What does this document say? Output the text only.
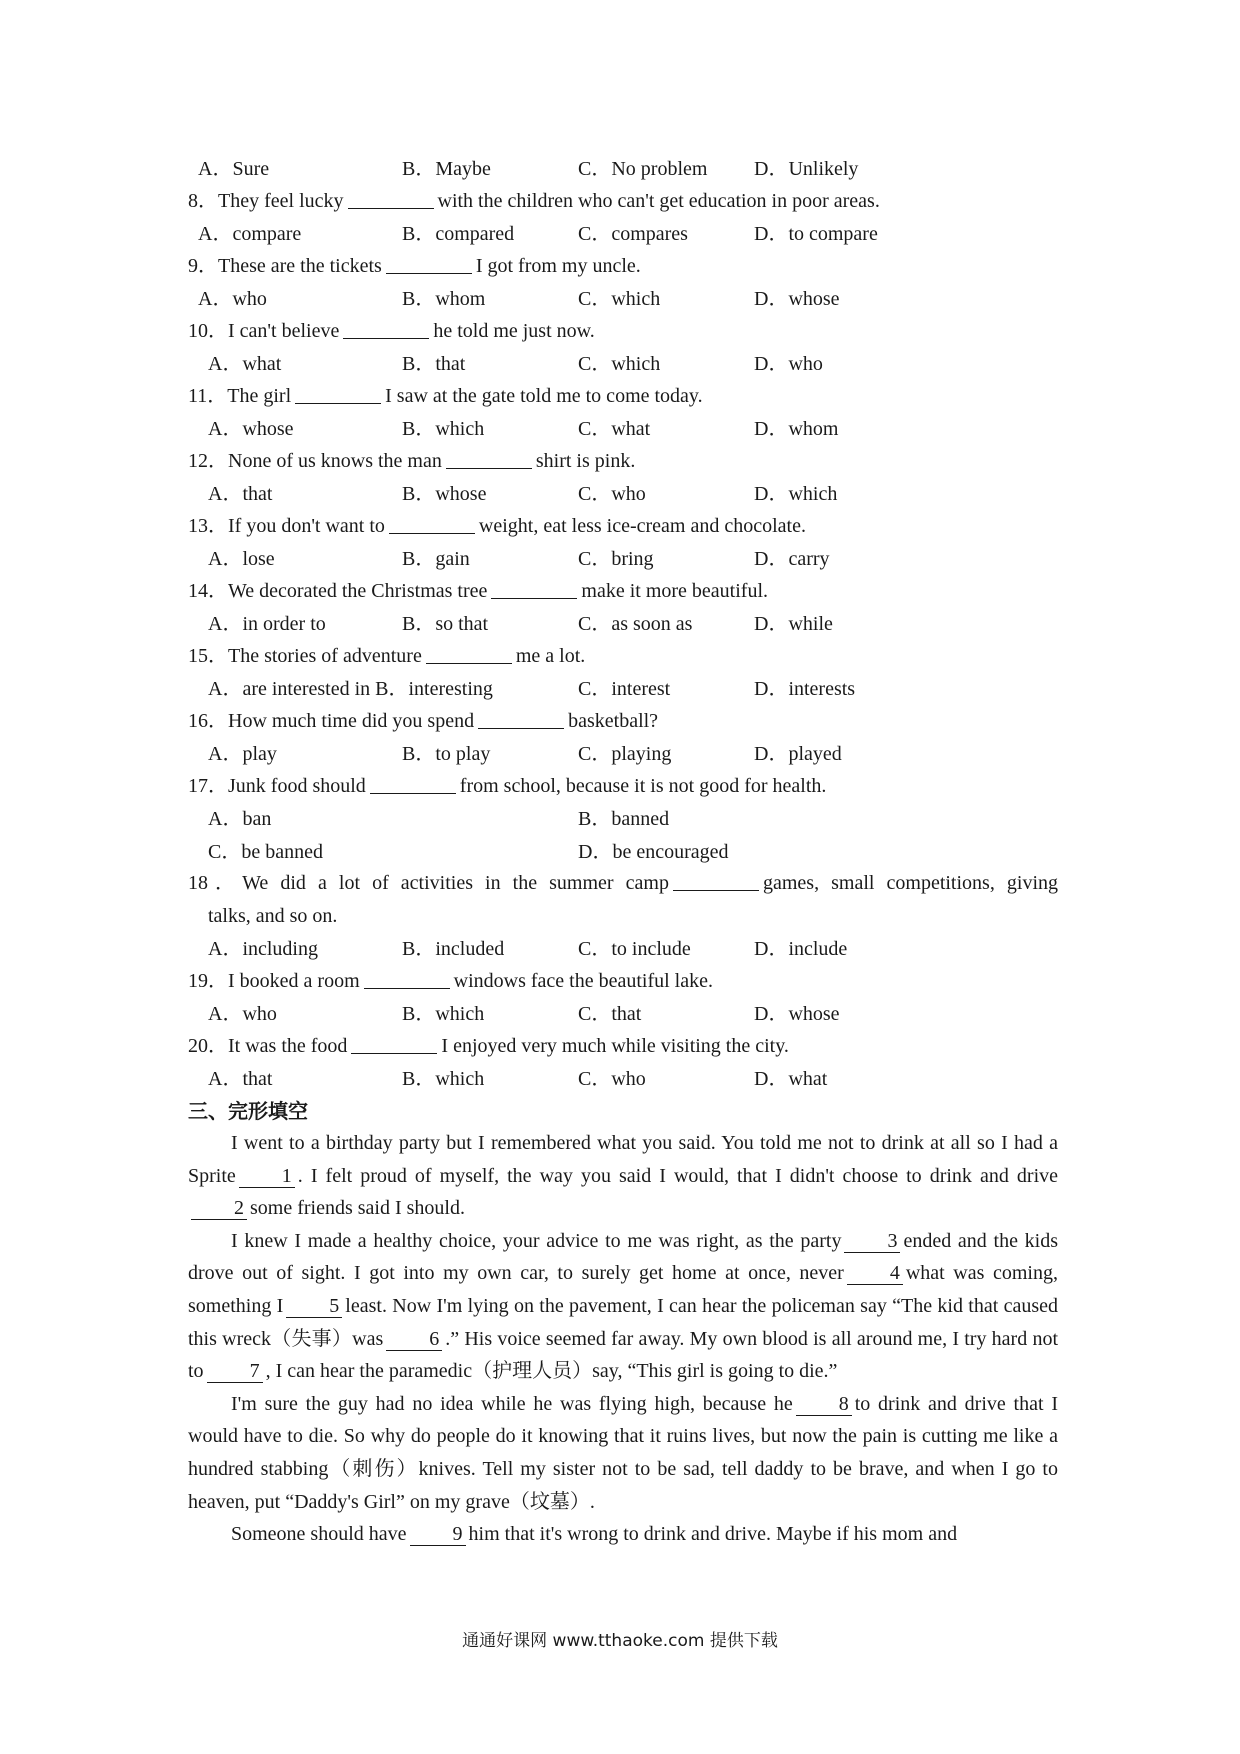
A．Sure	B．Maybe	C．No problem D．Unlikely
8．They feel lucky	with the children who can't get education in poor areas.
A．compare	B．compared	C．compares	D．to compare
9．These are the tickets	I got from my uncle.
A．who	B．whom	C．which	D．whose
10．I can't believe	he told me just now.
A．what	B．that	C．which	D．who
11．The girl	I saw at the gate told me to come today.
A．whose	B．which	C．what	D．whom
12．None of us knows the man	shirt is pink.
A．that	B．whose	C．who	D．which
13．If you don't want to	weight, eat less ice-cream and chocolate.
A．lose	B．gain	C．bring	D．carry
14．We decorated the Christmas tree	make it more beautiful.
A．in order to	B．so that	C．as soon as	D．while
15．The stories of adventure	me a lot.
A．are interested in B．interesting	C．interest	D．interests
16．How much time did you spend	basketball?
A．play	B．to play	C．playing	D．played
17．Junk food should	from school, because it is not good for health.
A．ban	B．banned
C．be banned	D．be encouraged
18．We did a lot of activities in the summer camp	games, small competitions, giving
talks, and so on.
A．including	B．included	C．to include	D．include
19．I booked a room	windows face the beautiful lake.
A．who	B．which	C．that	D．whose
20．It was the food	I enjoyed very much while visiting the city.
A．that	B．which	C．who	D．what
三、完形填空

I went to a birthday party but I remembered what you said. You told me not to drink at all so I had a Sprite 1 . I felt proud of myself, the way you said I would, that I didn't choose to drink and drive2 some friends said I should.

I knew I made a healthy choice, your advice to me was right, as the party 3 ended and the kids drove out of sight. I got into my own car, to surely get home at once, never 4 what was coming, something I 5 least. Now I'm lying on the pavement, I can hear the policeman say “The kid that caused this wreck（失事）was 6 .” His voice seemed far away. My own blood is all around me, I try hard not to 7 , I can hear the paramedic（护理人员）say, “This girl is going to die.”

I'm sure the guy had no idea while he was flying high, because he 8 to drink and drive that I would have to die. So why do people do it knowing that it ruins lives, but now the pain is cutting me like a hundred stabbing（刺伤）knives. Tell my sister not to be sad, tell daddy to be brave, and when I go to heaven, put “Daddy's Girl” on my grave（坟墓）.

Someone should have 9 him that it's wrong to drink and drive. Maybe if his mom and

通通好课网 www.tthaoke.com 提供下载
